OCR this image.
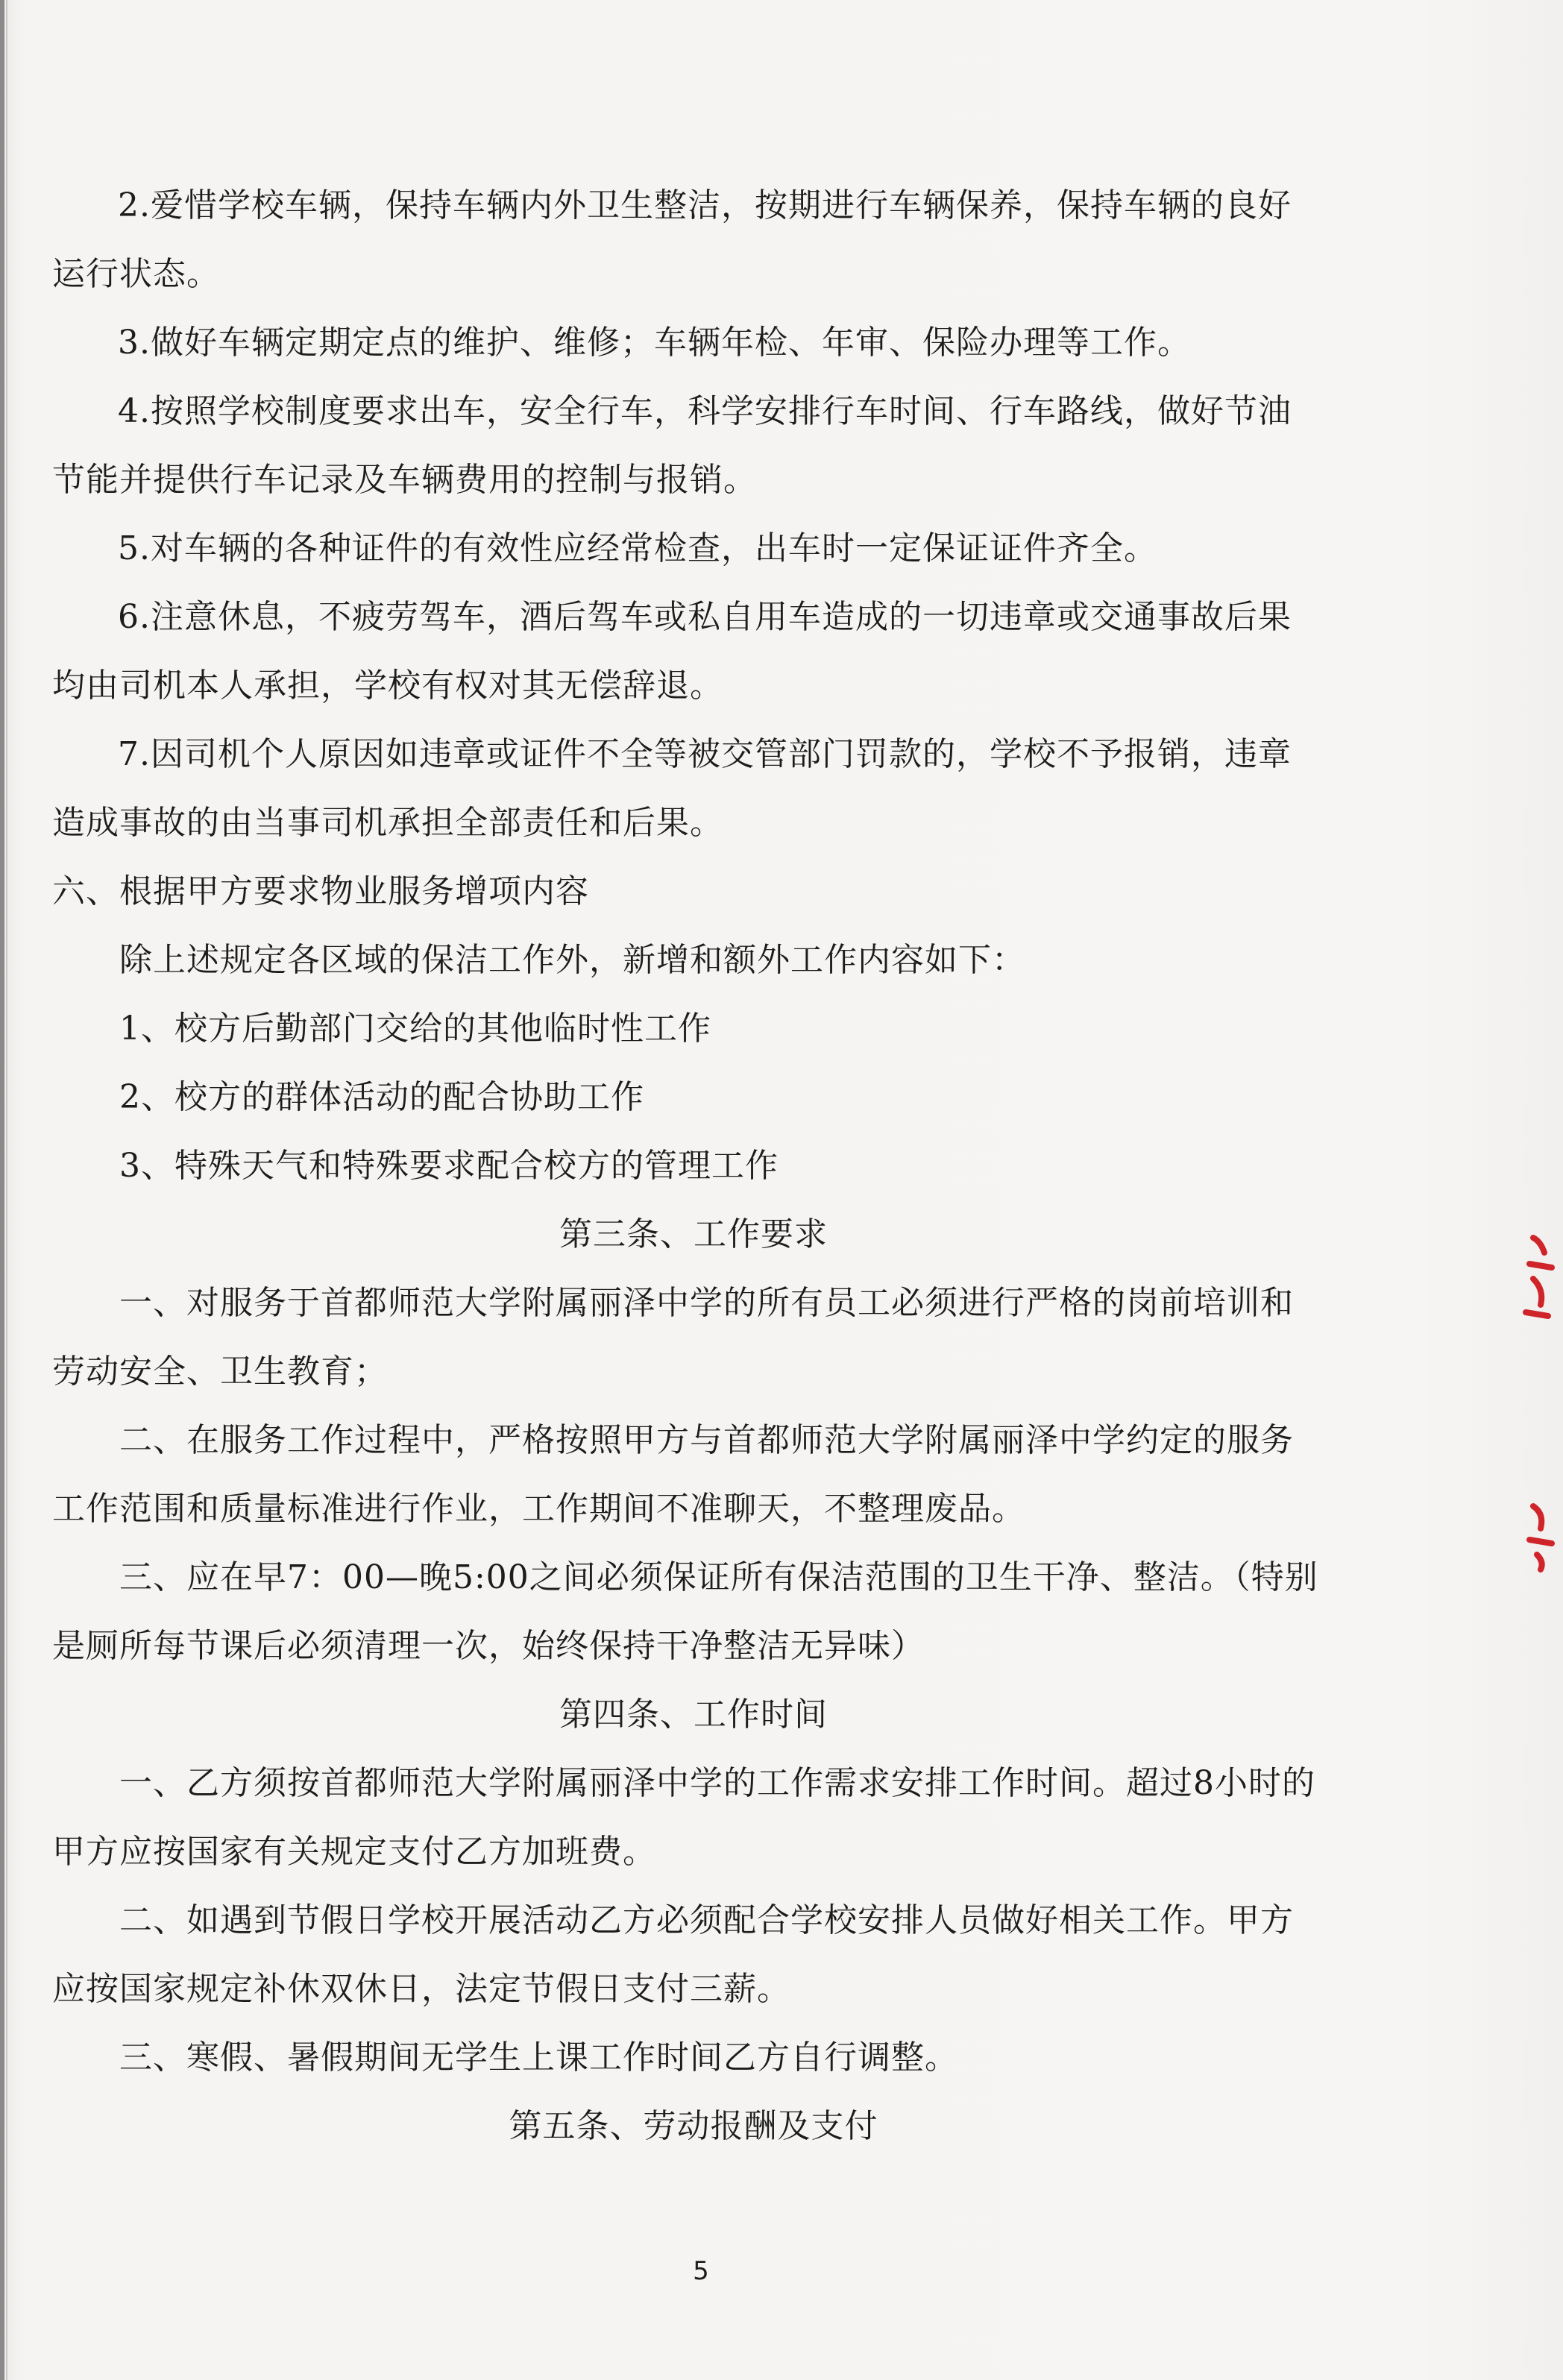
2.爱惜学校车辆，保持车辆内外卫生整洁，按期进行车辆保养，保持车辆的良好
运行状态。
3.做好车辆定期定点的维护、维修；车辆年检、年审、保险办理等工作。
4.按照学校制度要求出车，安全行车，科学安排行车时间、行车路线，做好节油
节能并提供行车记录及车辆费用的控制与报销。
5.对车辆的各种证件的有效性应经常检查，出车时一定保证证件齐全。
6.注意休息，不疲劳驾车，酒后驾车或私自用车造成的一切违章或交通事故后果
均由司机本人承担，学校有权对其无偿辞退。
7.因司机个人原因如违章或证件不全等被交管部门罚款的，学校不予报销，违章
造成事故的由当事司机承担全部责任和后果。
六、根据甲方要求物业服务增项内容
除上述规定各区域的保洁工作外，新增和额外工作内容如下：
1、校方后勤部门交给的其他临时性工作
2、校方的群体活动的配合协助工作
3、特殊天气和特殊要求配合校方的管理工作
第三条、工作要求
一、对服务于首都师范大学附属丽泽中学的所有员工必须进行严格的岗前培训和
劳动安全、卫生教育；
二、在服务工作过程中，严格按照甲方与首都师范大学附属丽泽中学约定的服务
工作范围和质量标准进行作业，工作期间不准聊天，不整理废品。
三、应在早7：00—晚5:00之间必须保证所有保洁范围的卫生干净、整洁。（特别
是厕所每节课后必须清理一次，始终保持干净整洁无异味）
第四条、工作时间
一、乙方须按首都师范大学附属丽泽中学的工作需求安排工作时间。超过8小时的
甲方应按国家有关规定支付乙方加班费。
二、如遇到节假日学校开展活动乙方必须配合学校安排人员做好相关工作。甲方
应按国家规定补休双休日，法定节假日支付三薪。
三、寒假、暑假期间无学生上课工作时间乙方自行调整。
第五条、劳动报酬及支付
5
